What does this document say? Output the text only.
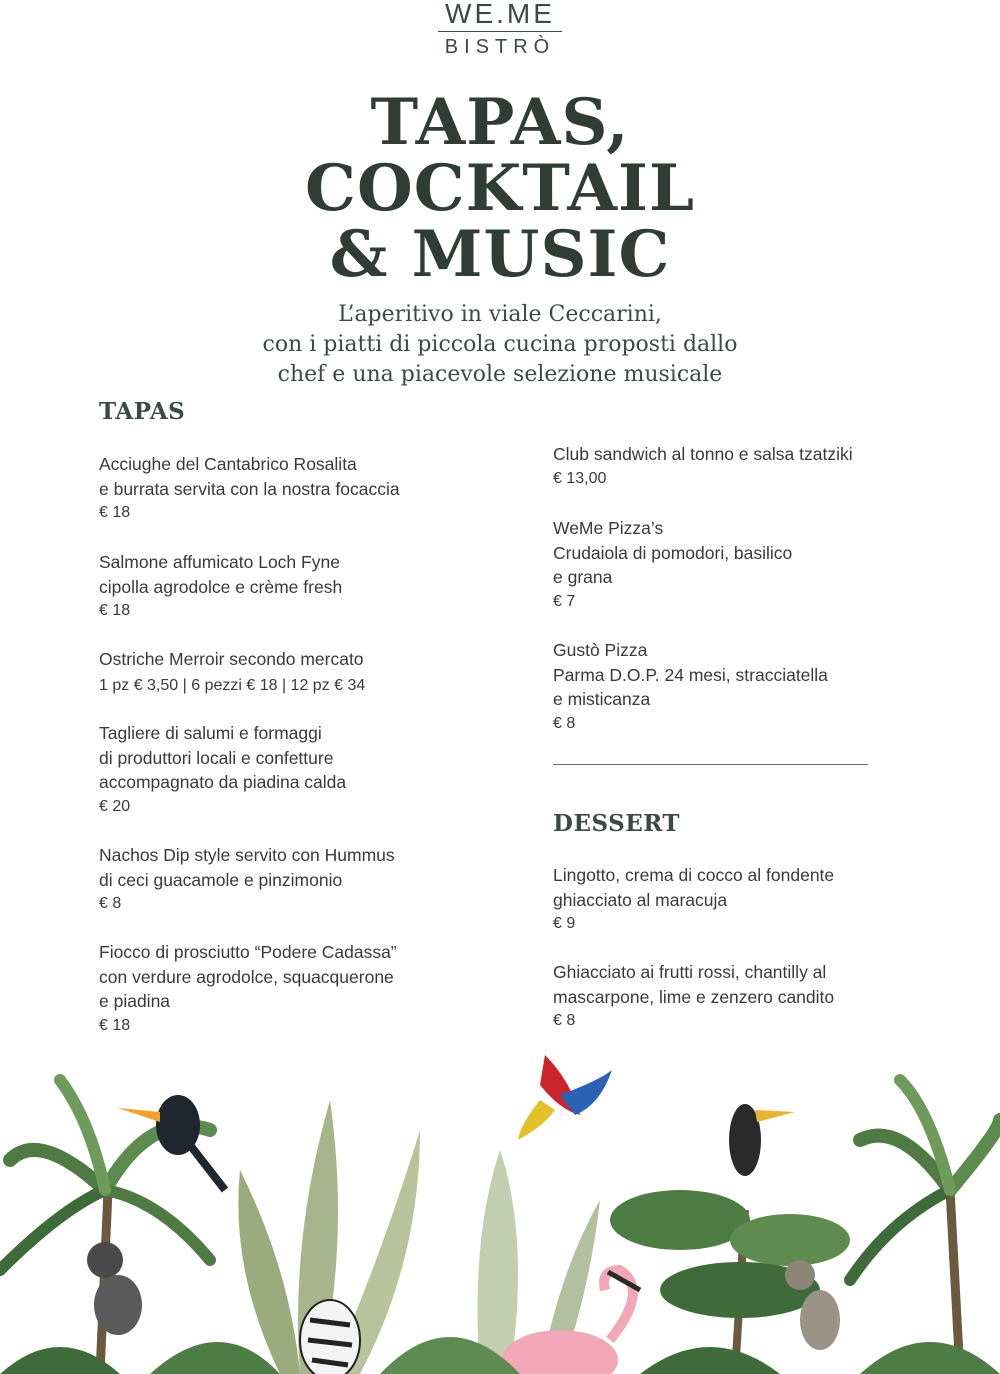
WE.ME
BISTRÒ
TAPAS,
COCKTAIL
& MUSIC
L’aperitivo in viale Ceccarini,
con i piatti di piccola cucina proposti dallo
chef e una piacevole selezione musicale
TAPAS
Acciughe del Cantabrico Rosalita
e burrata servita con la nostra focaccia
€ 18
Salmone affumicato Loch Fyne
cipolla agrodolce e crème fresh
€ 18
Ostriche Merroir secondo mercato
1 pz € 3,50 | 6 pezzi € 18 | 12 pz € 34
Tagliere di salumi e formaggi
di produttori locali e confetture
accompagnato da piadina calda
€ 20
Nachos Dip style servito con Hummus
di ceci guacamole e pinzimonio
€ 8
Fiocco di prosciutto “Podere Cadassa”
con verdure agrodolce, squacquerone
e piadina
€ 18
Club sandwich al tonno e salsa tzatziki
€ 13,00
WeMe Pizza’s
Crudaiola di pomodori, basilico
e grana
€ 7
Gustò Pizza
Parma D.O.P. 24 mesi, stracciatella
e misticanza
€ 8
DESSERT
Lingotto, crema di cocco al fondente
ghiacciato al maracuja
€ 9
Ghiacciato ai frutti rossi, chantilly al
mascarpone, lime e zenzero candito
€ 8
